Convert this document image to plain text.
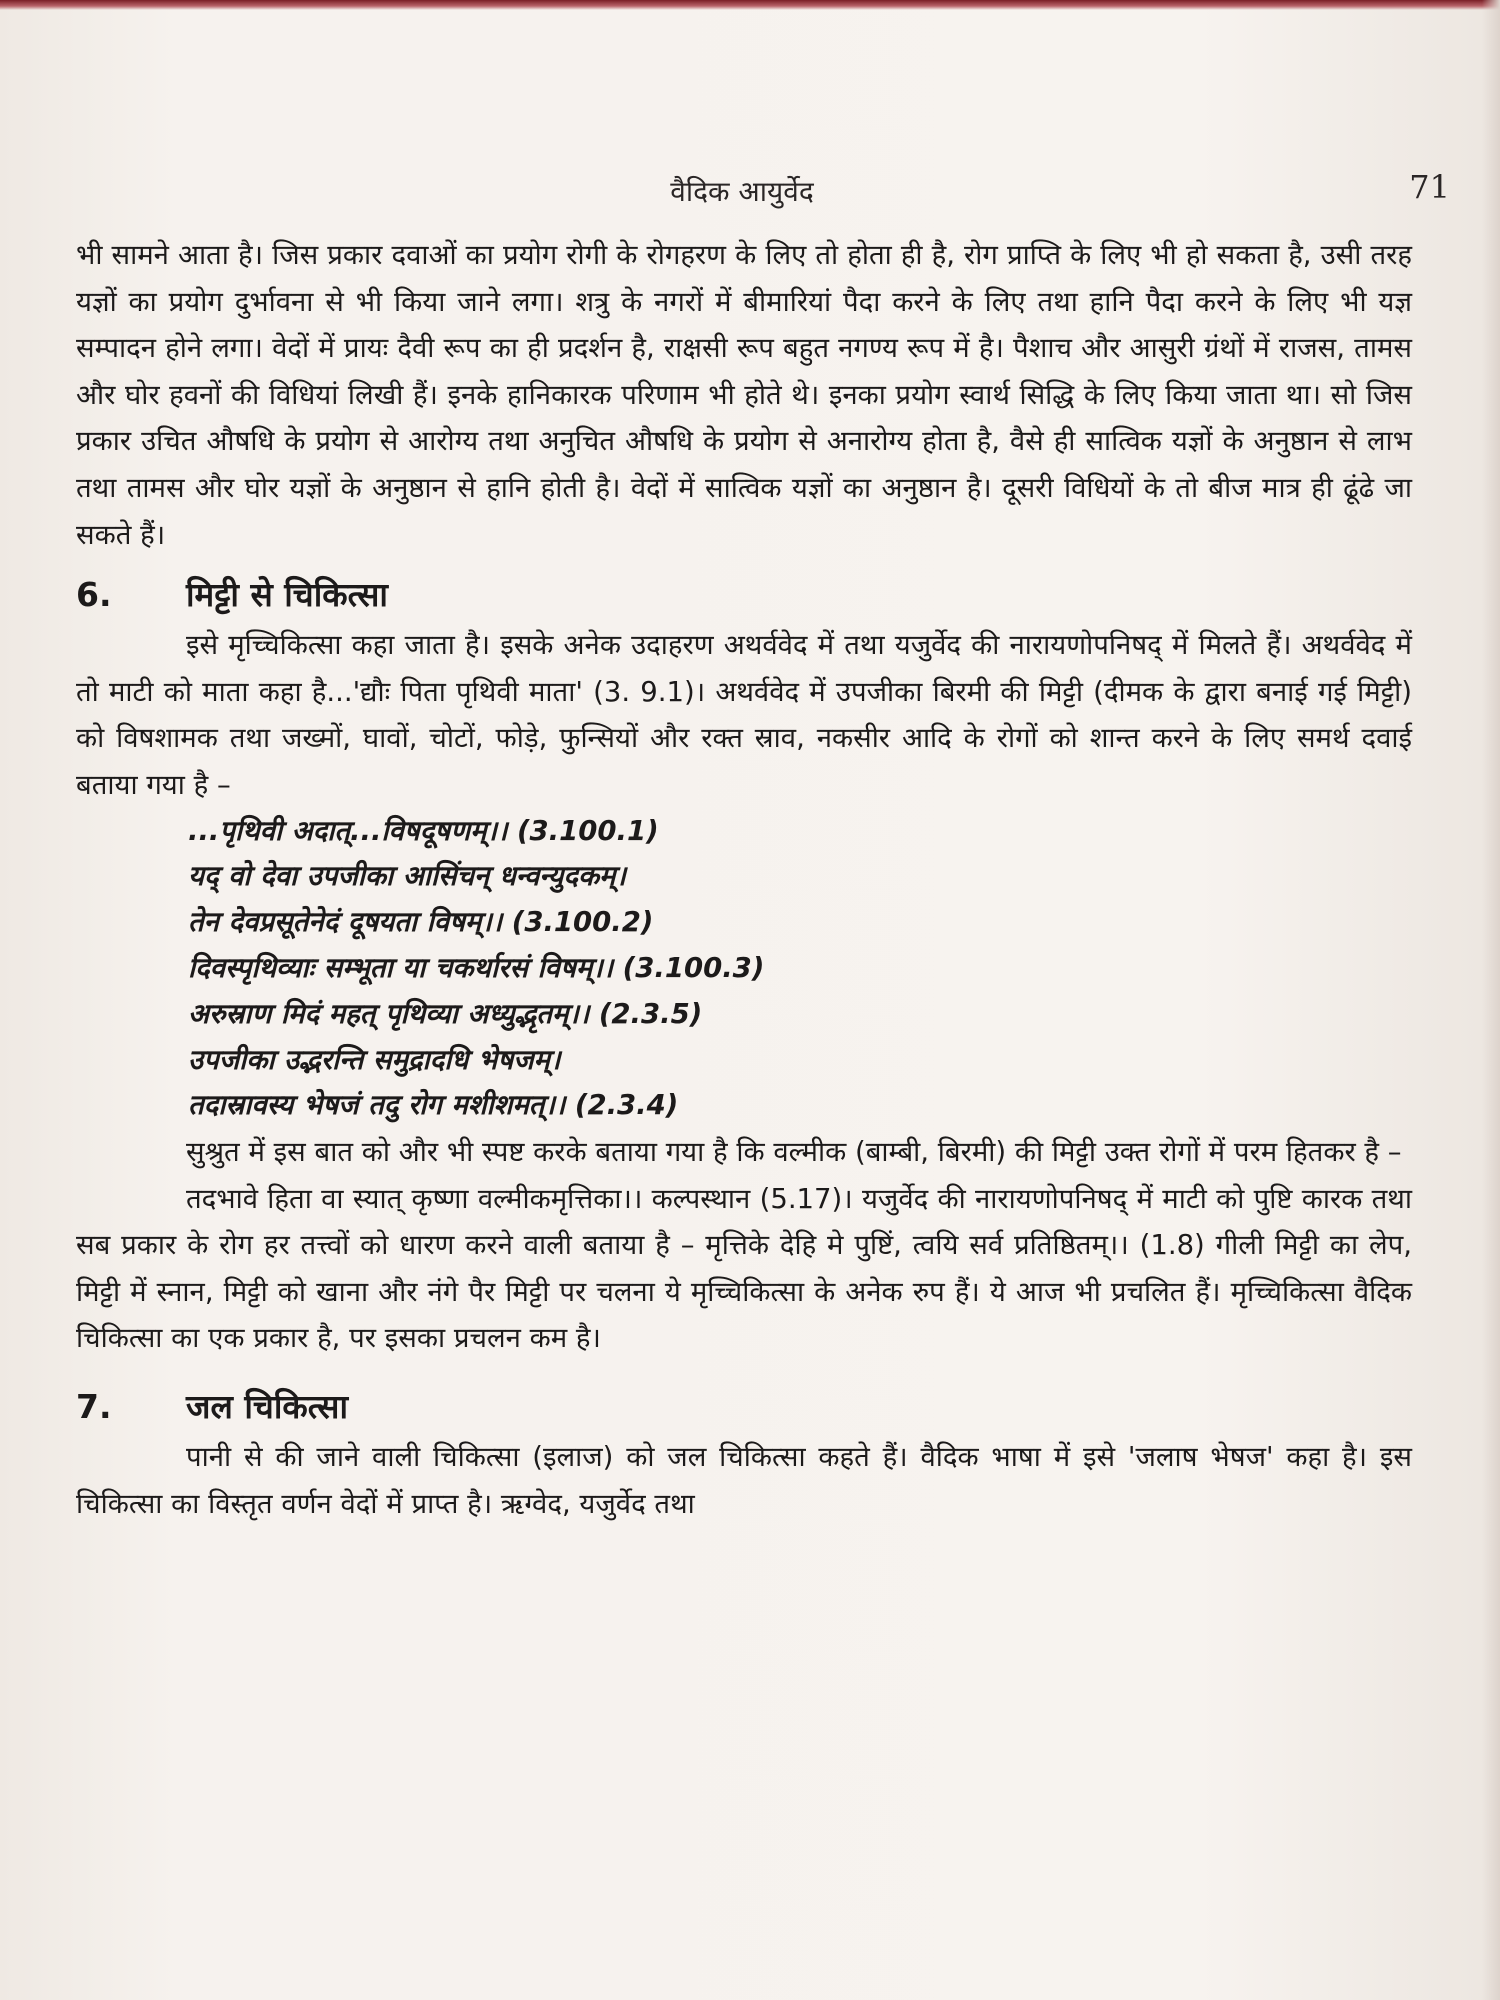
वैदिक आयुर्वेद	71

भी सामने आता है। जिस प्रकार दवाओं का प्रयोग रोगी के रोगहरण के लिए तो होता ही है, रोग प्राप्ति के लिए भी हो सकता है, उसी तरह यज्ञों का प्रयोग दुर्भावना से भी किया जाने लगा। शत्रु के नगरों में बीमारियां पैदा करने के लिए तथा हानि पैदा करने के लिए भी यज्ञ सम्पादन होने लगा। वेदों में प्रायः दैवी रूप का ही प्रदर्शन है, राक्षसी रूप बहुत नगण्य रूप में है। पैशाच और आसुरी ग्रंथों में राजस, तामस और घोर हवनों की विधियां लिखी हैं। इनके हानिकारक परिणाम भी होते थे। इनका प्रयोग स्वार्थ सिद्धि के लिए किया जाता था। सो जिस प्रकार उचित औषधि के प्रयोग से आरोग्य तथा अनुचित औषधि के प्रयोग से अनारोग्य होता है, वैसे ही सात्विक यज्ञों के अनुष्ठान से लाभ तथा तामस और घोर यज्ञों के अनुष्ठान से हानि होती है। वेदों में सात्विक यज्ञों का अनुष्ठान है। दूसरी विधियों के तो बीज मात्र ही ढूंढे जा सकते हैं।

6.	मिट्टी से चिकित्सा

इसे मृच्चिकित्सा कहा जाता है। इसके अनेक उदाहरण अथर्ववेद में तथा यजुर्वेद की नारायणोपनिषद् में मिलते हैं। अथर्ववेद में तो माटी को माता कहा है...'द्यौः पिता पृथिवी माता' (3. 9.1)। अथर्ववेद में उपजीका बिरमी की मिट्टी (दीमक के द्वारा बनाई गई मिट्टी) को विषशामक तथा जख्मों, घावों, चोटों, फोड़े, फुन्सियों और रक्त स्राव, नकसीर आदि के रोगों को शान्त करने के लिए समर्थ दवाई बताया गया है –

...पृथिवी अदात्...विषदूषणम्।। (3.100.1)
यद् वो देवा उपजीका आसिंचन् धन्वन्युदकम्।
तेन देवप्रसूतेनेदं दूषयता विषम्।। (3.100.2)
दिवस्पृथिव्याः सम्भूता या चकर्थारसं विषम्।। (3.100.3)
अरुस्राण मिदं महत् पृथिव्या अध्युद्भृतम्।। (2.3.5)
उपजीका उद्भरन्ति समुद्रादधि भेषजम्।
तदास्रावस्य भेषजं तदु रोग मशीशमत्।। (2.3.4)

सुश्रुत में इस बात को और भी स्पष्ट करके बताया गया है कि वल्मीक (बाम्बी, बिरमी) की मिट्टी उक्त रोगों में परम हितकर है –

तदभावे हिता वा स्यात् कृष्णा वल्मीकमृत्तिका।। कल्पस्थान (5.17)। यजुर्वेद की नारायणोपनिषद् में माटी को पुष्टि कारक तथा सब प्रकार के रोग हर तत्त्वों को धारण करने वाली बताया है – मृत्तिके देहि मे पुष्टिं, त्वयि सर्व प्रतिष्ठितम्।। (1.8) गीली मिट्टी का लेप, मिट्टी में स्नान, मिट्टी को खाना और नंगे पैर मिट्टी पर चलना ये मृच्चिकित्सा के अनेक रुप हैं। ये आज भी प्रचलित हैं। मृच्चिकित्सा वैदिक चिकित्सा का एक प्रकार है, पर इसका प्रचलन कम है।

7.	जल चिकित्सा

पानी से की जाने वाली चिकित्सा (इलाज) को जल चिकित्सा कहते हैं। वैदिक भाषा में इसे 'जलाष भेषज' कहा है। इस चिकित्सा का विस्तृत वर्णन वेदों में प्राप्त है। ऋग्वेद, यजुर्वेद तथा
